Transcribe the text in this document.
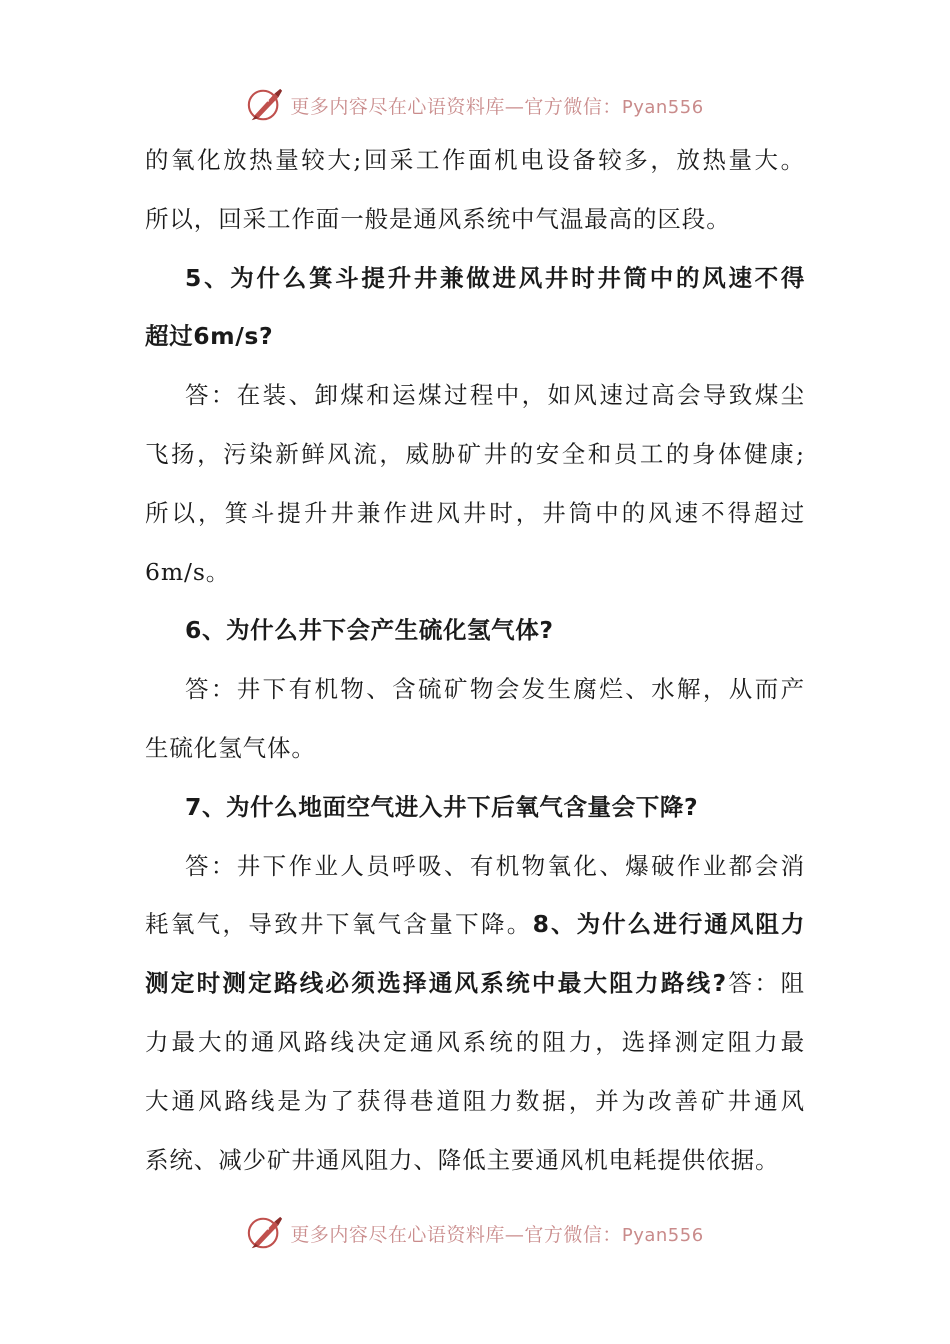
更多内容尽在心语资料库—官方微信：Pyan556
的氧化放热量较大;回采工作面机电设备较多，放热量大。
所以，回采工作面一般是通风系统中气温最高的区段。
5、为什么箕斗提升井兼做进风井时井筒中的风速不得
超过6m/s?
答：在装、卸煤和运煤过程中，如风速过高会导致煤尘
飞扬，污染新鲜风流，威胁矿井的安全和员工的身体健康;
所以，箕斗提升井兼作进风井时，井筒中的风速不得超过
6m/s。
6、为什么井下会产生硫化氢气体?
答：井下有机物、含硫矿物会发生腐烂、水解，从而产
生硫化氢气体。
7、为什么地面空气进入井下后氧气含量会下降?
答：井下作业人员呼吸、有机物氧化、爆破作业都会消
耗氧气，导致井下氧气含量下降。8、为什么进行通风阻力
测定时测定路线必须选择通风系统中最大阻力路线?答：阻
力最大的通风路线决定通风系统的阻力，选择测定阻力最
大通风路线是为了获得巷道阻力数据，并为改善矿井通风
系统、减少矿井通风阻力、降低主要通风机电耗提供依据。
更多内容尽在心语资料库—官方微信：Pyan556
